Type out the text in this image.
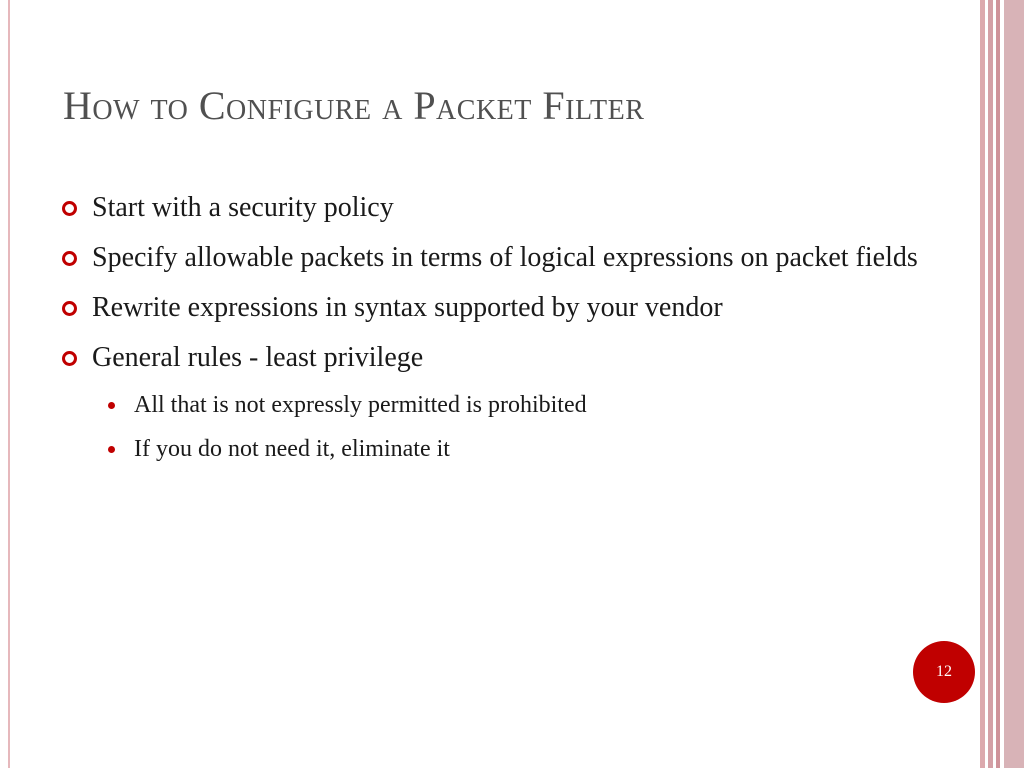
How to Configure a Packet Filter
Start with a security policy
Specify allowable packets in terms of logical expressions on packet fields
Rewrite expressions in syntax supported by your vendor
General rules - least privilege
All that is not expressly permitted is prohibited
If you do not need it, eliminate it
12
